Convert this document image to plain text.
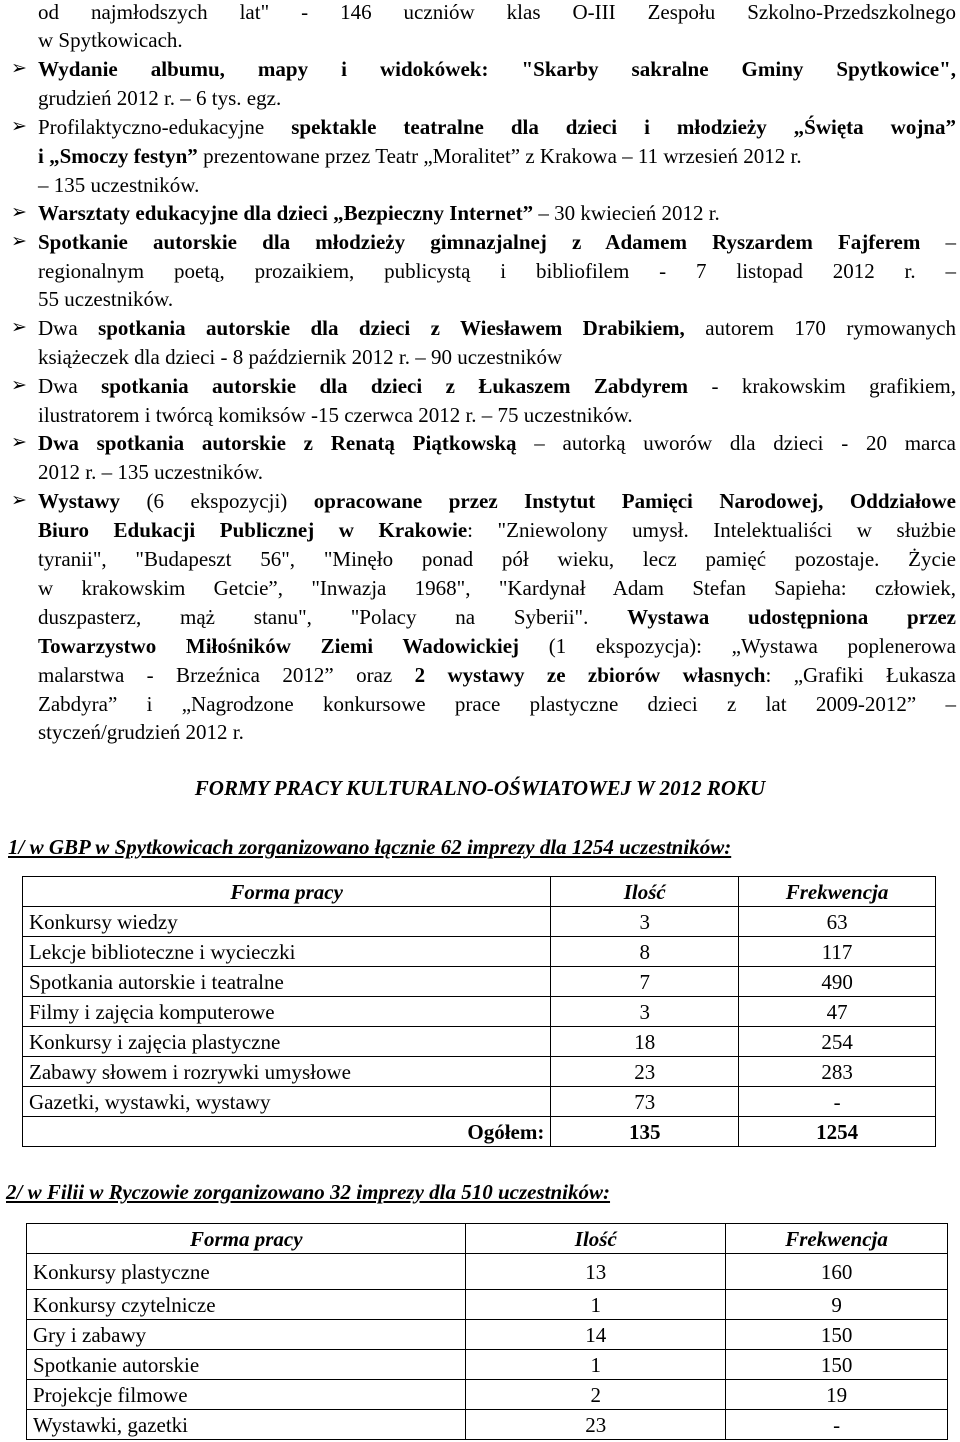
od najmłodszych lat" - 146 uczniów klas O-III Zespołu Szkolno-Przedszkolnego
w Spytkowicach.
➢ Wydanie albumu, mapy i widokówek: "Skarby sakralne Gminy Spytkowice",
grudzień 2012 r. – 6 tys. egz.
➢ Profilaktyczno-edukacyjne spektakle teatralne dla dzieci i młodzieży „Święta wojna”
i „Smoczy festyn” prezentowane przez Teatr „Moralitet” z Krakowa – 11 wrzesień 2012 r.
– 135 uczestników.
➢ Warsztaty edukacyjne dla dzieci „Bezpieczny Internet” – 30 kwiecień 2012 r.
➢ Spotkanie autorskie dla młodzieży gimnazjalnej z Adamem Ryszardem Fajferem –
regionalnym poetą, prozaikiem, publicystą i bibliofilem - 7 listopad 2012 r. –
55 uczestników.
➢ Dwa spotkania autorskie dla dzieci z Wiesławem Drabikiem, autorem 170 rymowanych
książeczek dla dzieci - 8 październik 2012 r. – 90 uczestników
➢ Dwa spotkania autorskie dla dzieci z Łukaszem Zabdyrem - krakowskim grafikiem,
ilustratorem i twórcą komiksów -15 czerwca 2012 r. – 75 uczestników.
➢ Dwa spotkania autorskie z Renatą Piątkowską – autorką uworów dla dzieci - 20 marca
2012 r. – 135 uczestników.
➢ Wystawy (6 ekspozycji) opracowane przez Instytut Pamięci Narodowej, Oddziałowe
Biuro Edukacji Publicznej w Krakowie: "Zniewolony umysł. Intelektualiści w służbie
tyranii", "Budapeszt 56", "Minęło ponad pół wieku, lecz pamięć pozostaje. Życie
w krakowskim Getcie”, "Inwazja 1968", "Kardynał Adam Stefan Sapieha: człowiek,
duszpasterz, mąż stanu", "Polacy na Syberii". Wystawa udostępniona przez
Towarzystwo Miłośników Ziemi Wadowickiej (1 ekspozycja): „Wystawa poplenerowa
malarstwa - Brzeźnica 2012” oraz 2 wystawy ze zbiorów własnych: „Grafiki Łukasza
Zabdyra” i „Nagrodzone konkursowe prace plastyczne dzieci z lat 2009-2012” –
styczeń/grudzień 2012 r.
FORMY PRACY KULTURALNO-OŚWIATOWEJ W 2012 ROKU
1/ w GBP w Spytkowicach zorganizowano łącznie 62 imprezy dla 1254 uczestników:
Forma pracy	Ilość	Frekwencja
Konkursy wiedzy	3	63
Lekcje biblioteczne i wycieczki	8	117
Spotkania autorskie i teatralne	7	490
Filmy i zajęcia komputerowe	3	47
Konkursy i zajęcia plastyczne	18	254
Zabawy słowem i rozrywki umysłowe	23	283
Gazetki, wystawki, wystawy	73	-
Ogółem:	135	1254
2/ w Filii w Ryczowie zorganizowano 32 imprezy dla 510 uczestników:
Forma pracy	Ilość	Frekwencja
Konkursy plastyczne	13	160
Konkursy czytelnicze	1	9
Gry i zabawy	14	150
Spotkanie autorskie	1	150
Projekcje filmowe	2	19
Wystawki, gazetki	23	-
